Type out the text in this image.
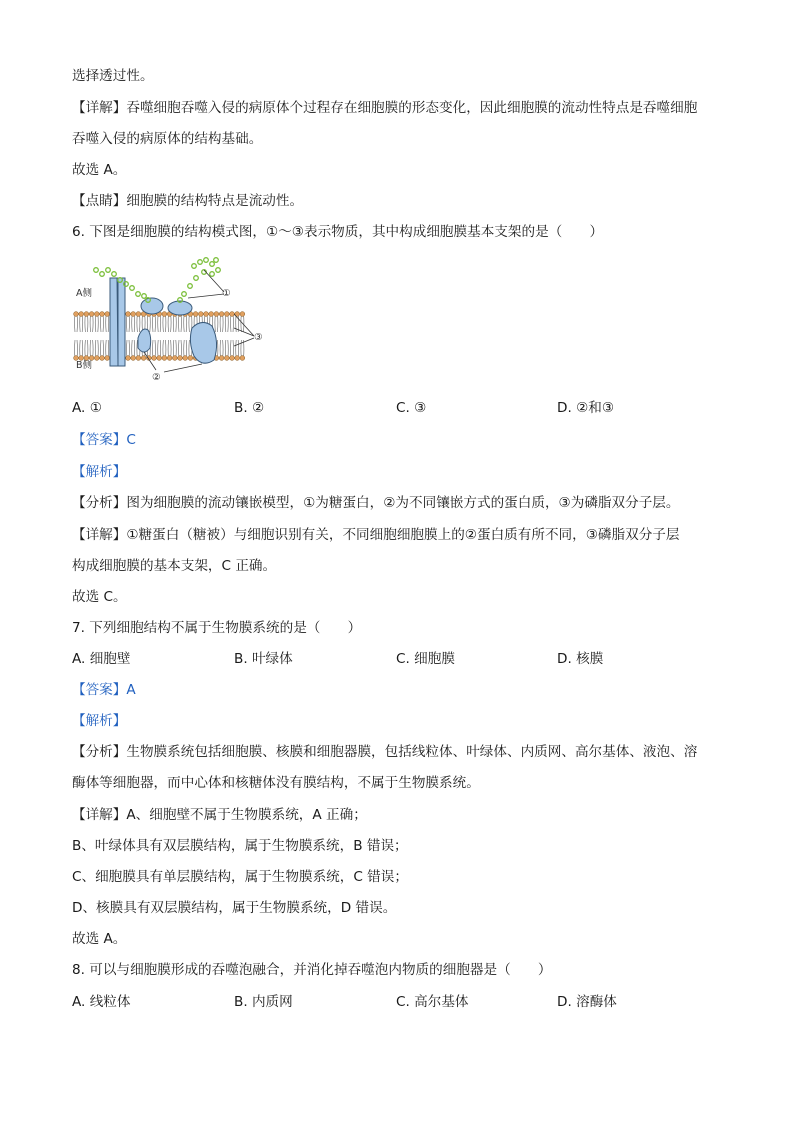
选择透过性。
【详解】吞噬细胞吞噬入侵的病原体个过程存在细胞膜的形态变化，因此细胞膜的流动性特点是吞噬细胞
吞噬入侵的病原体的结构基础。
故选 A。
【点睛】细胞膜的结构特点是流动性。
6. 下图是细胞膜的结构模式图，①～③表示物质，其中构成细胞膜基本支架的是（　　）
A侧
B侧
①
③
②
A. ①	B. ②	C. ③	D. ②和③
【答案】C
【解析】
【分析】图为细胞膜的流动镶嵌模型，①为糖蛋白，②为不同镶嵌方式的蛋白质，③为磷脂双分子层。
【详解】①糖蛋白（糖被）与细胞识别有关，不同细胞细胞膜上的②蛋白质有所不同，③磷脂双分子层
构成细胞膜的基本支架，C 正确。
故选 C。
7. 下列细胞结构不属于生物膜系统的是（　　）
A. 细胞壁	B. 叶绿体	C. 细胞膜	D. 核膜
【答案】A
【解析】
【分析】生物膜系统包括细胞膜、核膜和细胞器膜，包括线粒体、叶绿体、内质网、高尔基体、液泡、溶
酶体等细胞器，而中心体和核糖体没有膜结构，不属于生物膜系统。
【详解】A、细胞壁不属于生物膜系统，A 正确；
B、叶绿体具有双层膜结构，属于生物膜系统，B 错误；
C、细胞膜具有单层膜结构，属于生物膜系统，C 错误；
D、核膜具有双层膜结构，属于生物膜系统，D 错误。
故选 A。
8. 可以与细胞膜形成的吞噬泡融合，并消化掉吞噬泡内物质的细胞器是（　　）
A. 线粒体	B. 内质网	C. 高尔基体	D. 溶酶体
